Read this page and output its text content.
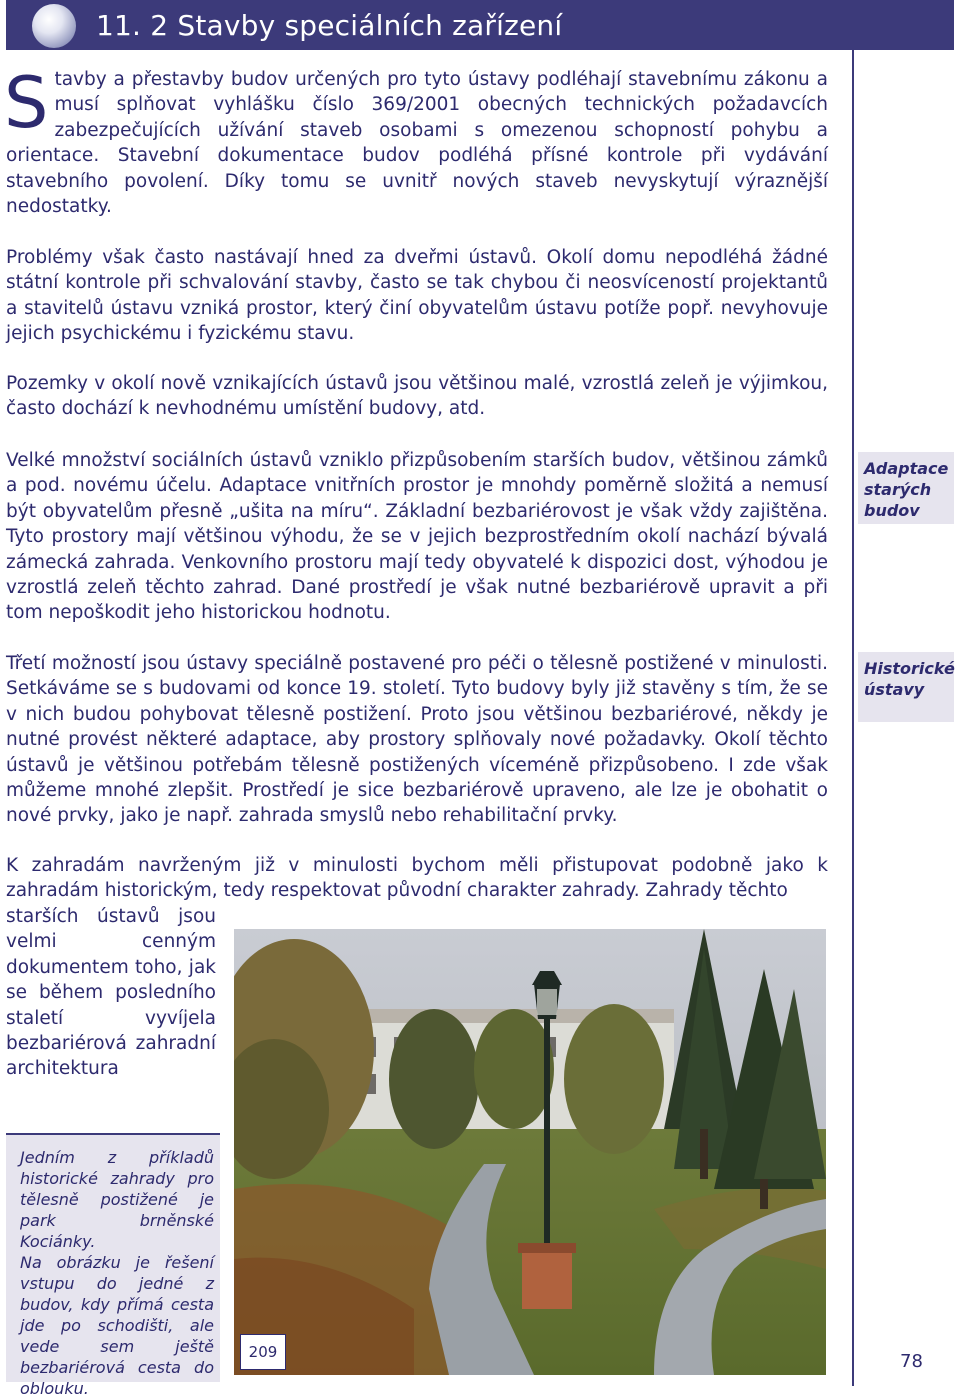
11. 2 Stavby speciálních zařízení

Stavby a přestavby budov určených pro tyto ústavy podléhají stavebnímu zákonu a musí splňovat vyhlášku číslo 369/2001 obecných technických požadavcích zabezpečujících užívání staveb osobami s omezenou schopností pohybu a orientace. Stavební dokumentace budov podléhá přísné kontrole při vydávání stavebního povolení. Díky tomu se uvnitř nových staveb nevyskytují výraznější nedostatky.

Problémy však často nastávají hned za dveřmi ústavů. Okolí domu nepodléhá žádné státní kontrole při schvalování stavby, často se tak chybou či neosvíceností projektantů a stavitelů ústavu vzniká prostor, který činí obyvatelům ústavu potíže popř. nevyhovuje jejich psychickému i fyzickému stavu.

Pozemky v okolí nově vznikajících ústavů jsou většinou malé, vzrostlá zeleň je výjimkou, často dochází k nevhodnému umístění budovy, atd.

Velké množství sociálních ústavů vzniklo přizpůsobením starších budov, většinou zámků a pod. novému účelu. Adaptace vnitřních prostor je mnohdy poměrně složitá a nemusí být obyvatelům přesně „ušita na míru“. Základní bezbariérovost je však vždy zajištěna. Tyto prostory mají většinou výhodu, že se v jejich bezprostředním okolí nachází bývalá zámecká zahrada. Venkovního prostoru mají tedy obyvatelé k dispozici dost, výhodou je vzrostlá zeleň těchto zahrad. Dané prostředí je však nutné bezbariérově upravit a při tom nepoškodit jeho historickou hodnotu.

Třetí možností jsou ústavy speciálně postavené pro péči o tělesně postižené v minulosti. Setkáváme se s budovami od konce 19. století. Tyto budovy byly již stavěny s tím, že se v nich budou pohybovat tělesně postižení. Proto jsou většinou bezbariérové, někdy je nutné provést některé adaptace, aby prostory splňovaly nové požadavky. Okolí těchto ústavů je většinou potřebám tělesně postižených víceméně přizpůsobeno. I zde však můžeme mnohé zlepšit. Prostředí je sice bezbariérově upraveno, ale lze je obohatit o nové prvky, jako je např. zahrada smyslů nebo rehabilitační prvky.

K zahradám navrženým již v minulosti bychom měli přistupovat podobně jako k zahradám historickým, tedy respektovat původní charakter zahrady. Zahrady těchto

starších ústavů jsou velmi cenným dokumentem toho, jak se během posledního staletí vyvíjela bezbariérová zahradní architektura

Adaptace starých budov
Historické ústavy
209

Jedním z příkladů historické zahrady pro tělesně postižené je park brněnské Kociánky.

Na obrázku je řešení vstupu do jedné z budov, kdy přímá cesta jde po schodišti, ale vede sem ještě bezbariérová cesta do oblouku.

78
